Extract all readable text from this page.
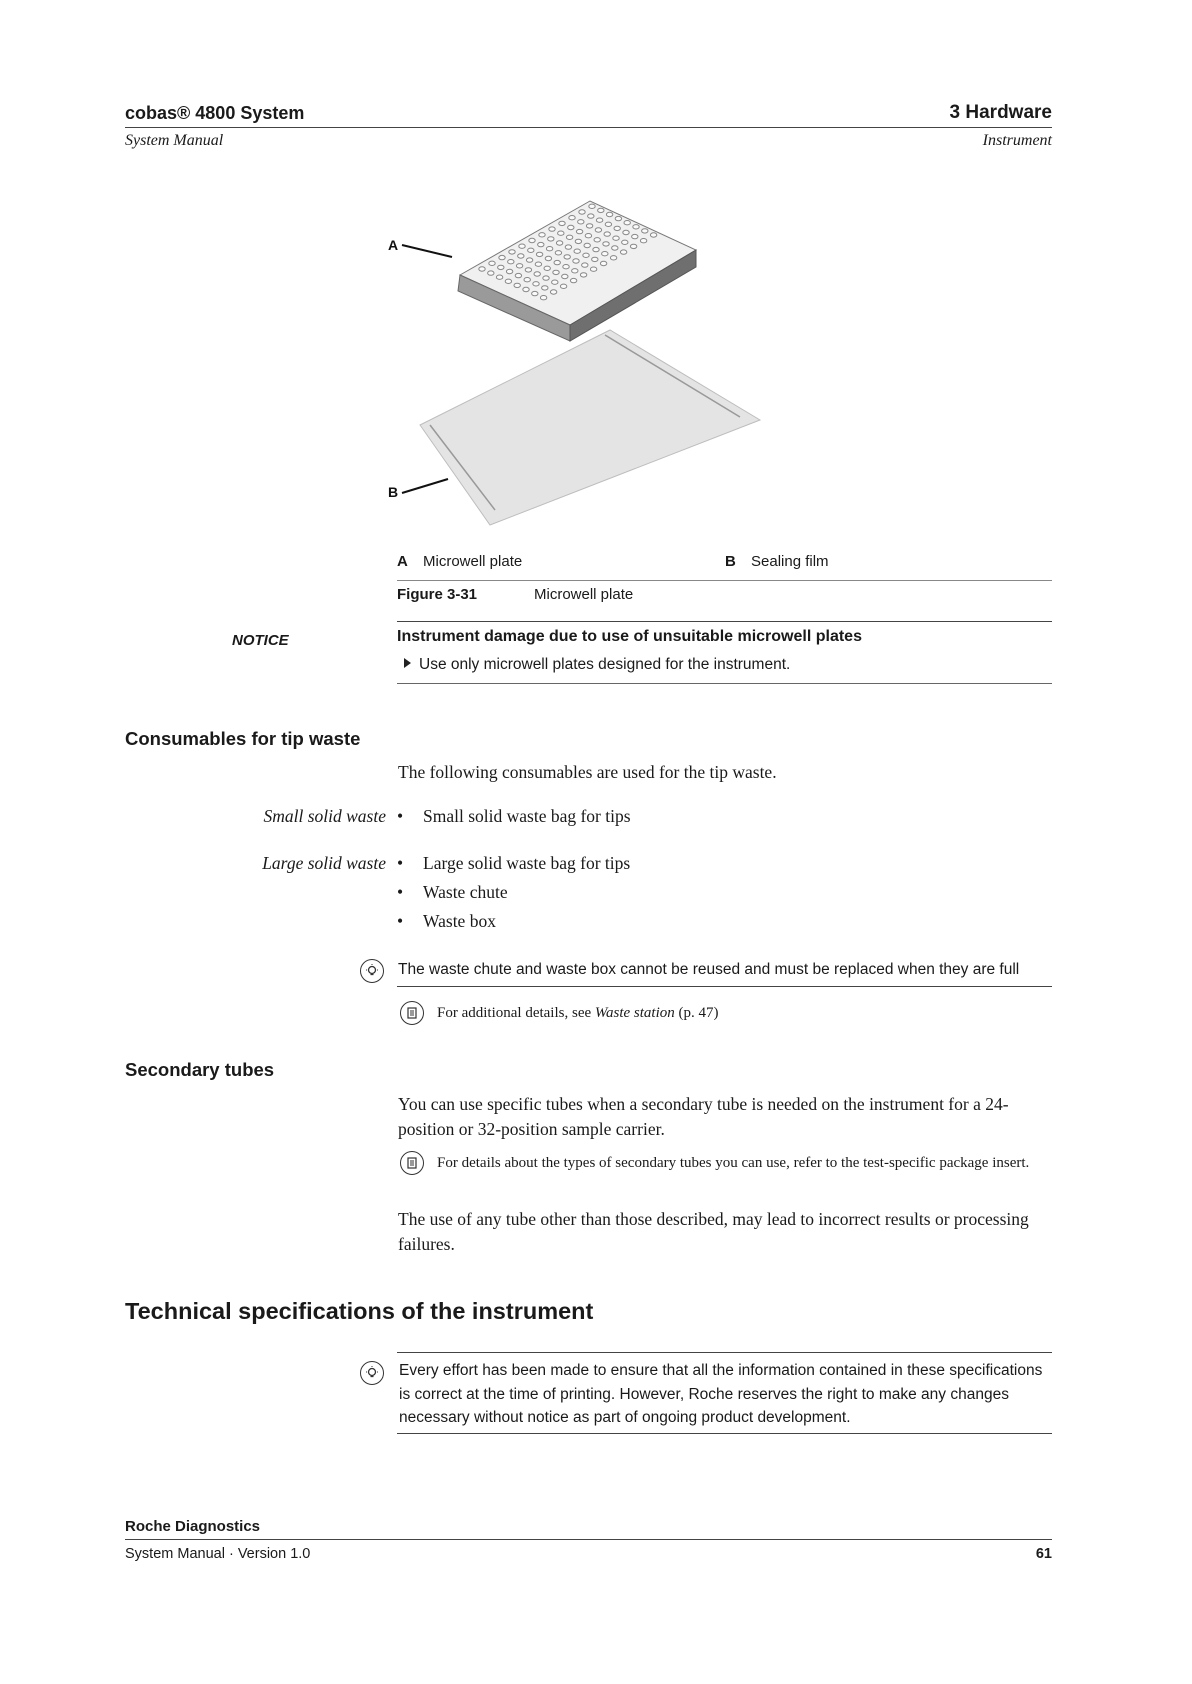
cobas® 4800 System
System Manual
3 Hardware
Instrument
A
B
A Microwell plate	B Sealing film
Figure 3-31	Microwell plate
NOTICE	Instrument damage due to use of unsuitable microwell plates
Use only microwell plates designed for the instrument.
Consumables for tip waste
The following consumables are used for the tip waste.
Small solid waste • Small solid waste bag for tips
Large solid waste • Large solid waste bag for tips
• Waste chute
• Waste box
The waste chute and waste box cannot be reused and must be replaced when they are full
For additional details, see Waste station (p. 47)
Secondary tubes
You can use specific tubes when a secondary tube is needed on the instrument for a 24-position or 32-position sample carrier.
For details about the types of secondary tubes you can use, refer to the test-specific package insert.
The use of any tube other than those described, may lead to incorrect results or processing failures.
Technical specifications of the instrument
Every effort has been made to ensure that all the information contained in these specifications is correct at the time of printing. However, Roche reserves the right to make any changes necessary without notice as part of ongoing product development.
Roche Diagnostics
System Manual · Version 1.0	61
